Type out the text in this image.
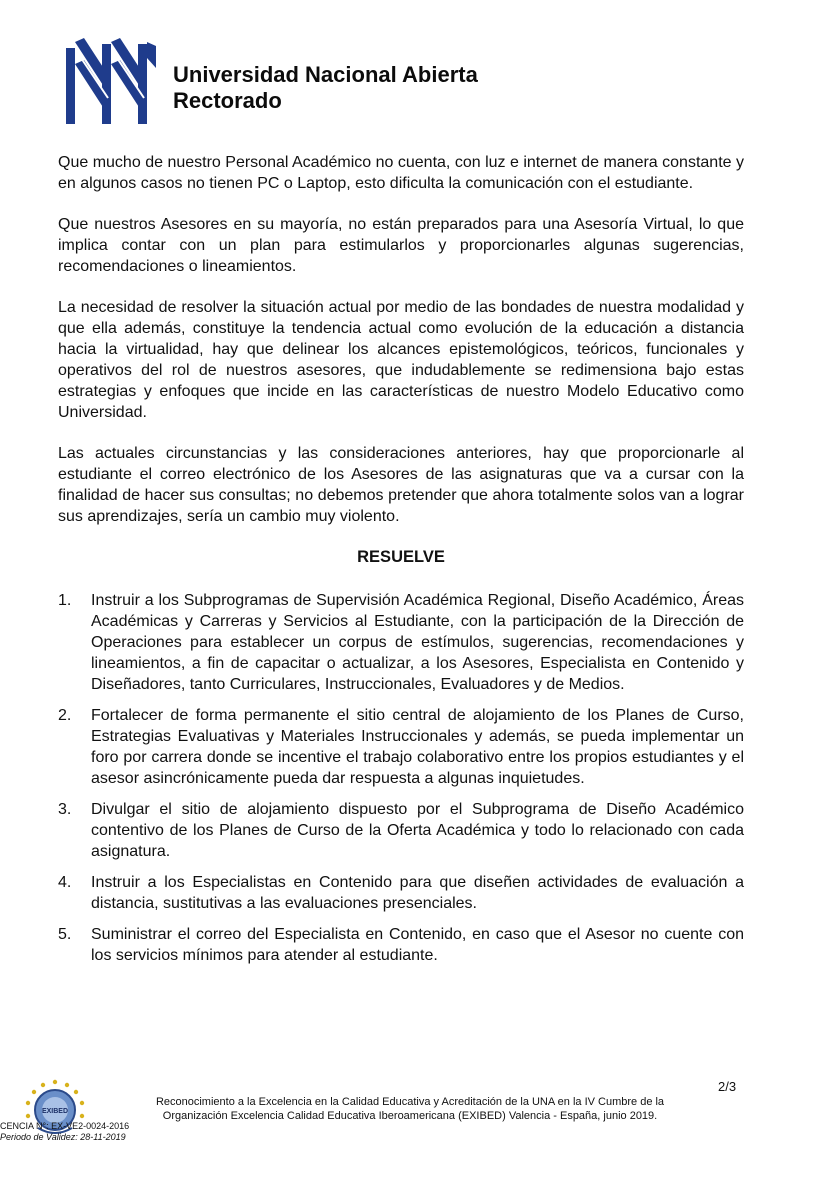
Universidad Nacional Abierta
Rectorado

Que mucho de nuestro Personal Académico no cuenta, con luz e internet de manera constante y en algunos casos no tienen PC o Laptop, esto dificulta la comunicación con el estudiante.

Que nuestros Asesores en su mayoría, no están preparados para una Asesoría Virtual, lo que implica contar con un plan para estimularlos y proporcionarles algunas sugerencias, recomendaciones o lineamientos.

La necesidad de resolver la situación actual por medio de las bondades de nuestra modalidad y que ella además, constituye la tendencia actual como evolución de la educación a distancia hacia la virtualidad, hay que delinear los alcances epistemológicos, teóricos, funcionales y operativos del rol de nuestros asesores, que indudablemente se redimensiona bajo estas estrategias y enfoques que incide en las características de nuestro Modelo Educativo como Universidad.

Las actuales circunstancias y las consideraciones anteriores, hay que proporcionarle al estudiante el correo electrónico de los Asesores de las asignaturas que va a cursar con la finalidad de hacer sus consultas; no debemos pretender que ahora totalmente solos van a lograr sus aprendizajes, sería un cambio muy violento.

RESUELVE
1.	Instruir a los Subprogramas de Supervisión Académica Regional, Diseño Académico, Áreas Académicas y Carreras y Servicios al Estudiante, con la participación de la Dirección de Operaciones para establecer un corpus de estímulos, sugerencias, recomendaciones y lineamientos, a fin de capacitar o actualizar, a los Asesores, Especialista en Contenido y Diseñadores, tanto Curriculares, Instruccionales, Evaluadores y de Medios.
2.	Fortalecer de forma permanente el sitio central de alojamiento de los Planes de Curso, Estrategias Evaluativas y Materiales Instruccionales y además, se pueda implementar un foro por carrera donde se incentive el trabajo colaborativo entre los propios estudiantes y el asesor asincrónicamente pueda dar respuesta a algunas inquietudes.
3.	Divulgar el sitio de alojamiento dispuesto por el Subprograma de Diseño Académico contentivo de los Planes de Curso de la Oferta Académica y todo lo relacionado con cada asignatura.
4.	Instruir a los Especialistas en Contenido para que diseñen actividades de evaluación a distancia, sustitutivas a las evaluaciones presenciales.
5.	Suministrar el correo del Especialista en Contenido, en caso que el Asesor no cuente con los servicios mínimos para atender al estudiante.
EXIBED
2/3
Reconocimiento a la Excelencia en la Calidad Educativa y Acreditación de la UNA en la IV Cumbre de la
Organización Excelencia Calidad Educativa Iberoamericana (EXIBED) Valencia - España, junio 2019.
CENCIA N°: EX-VE2-0024-2016
Periodo de Validez: 28-11-2019
